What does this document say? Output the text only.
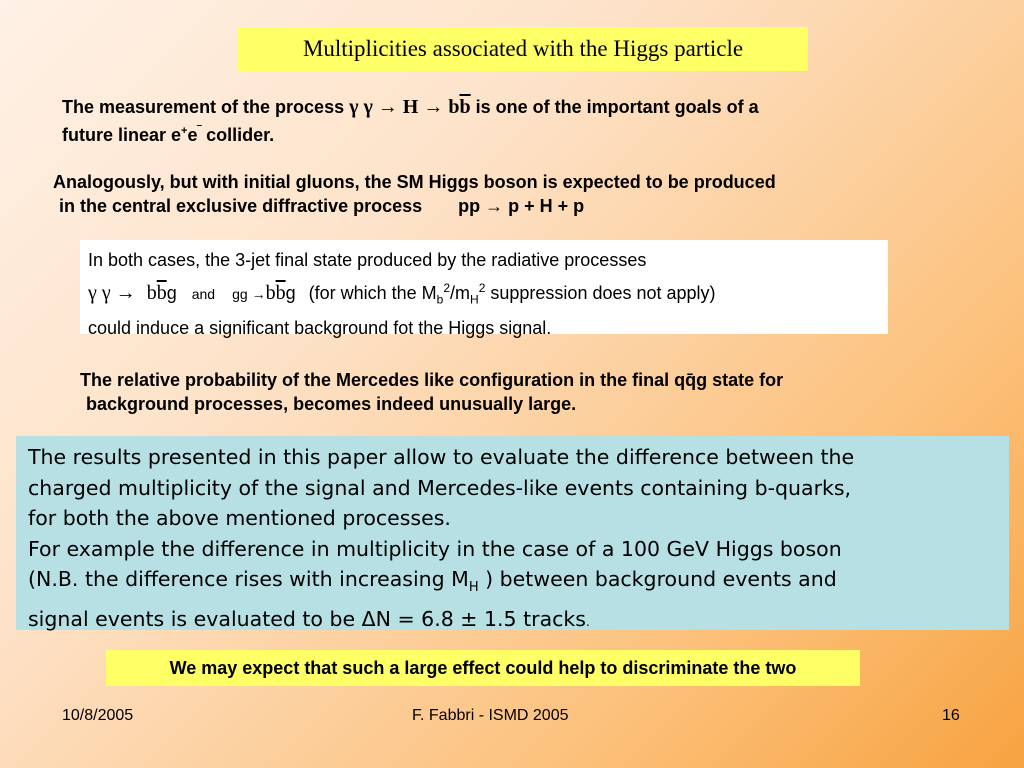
Multiplicities associated with the Higgs particle
The measurement of the process γ $\gamma \to H \to b\overline{b}$ is one of the important goals of a
future linear e+e‾ collider.
Analogously, but with initial gluons, the SM Higgs boson is expected to be produced
in the central exclusive diffractive process pp → p + H + p
In both cases, the 3-jet final state produced by the radiative processes
γ $\gamma \to b\overline{b}g$ and gg $\to b\overline{b}g$ (for which the $M_b^2/m_H^2$ suppression does not apply)
could induce a significant background fot the Higgs signal.
The relative probability of the Mercedes like configuration in the final qq̄g state for
background processes, becomes indeed unusually large.
The results presented in this paper allow to evaluate the difference between the
charged multiplicity of the signal and Mercedes-like events containing b-quarks,
for both the above mentioned processes.
For example the difference in multiplicity in the case of a 100 GeV Higgs boson
(N.B. the difference rises with increasing $M_H$ ) between background events and
signal events is evaluated to be ΔN = 6.8 ± 1.5 tracks.
We may expect that such a large effect could help to discriminate the two
10/8/2005	F. Fabbri - ISMD 2005	16
